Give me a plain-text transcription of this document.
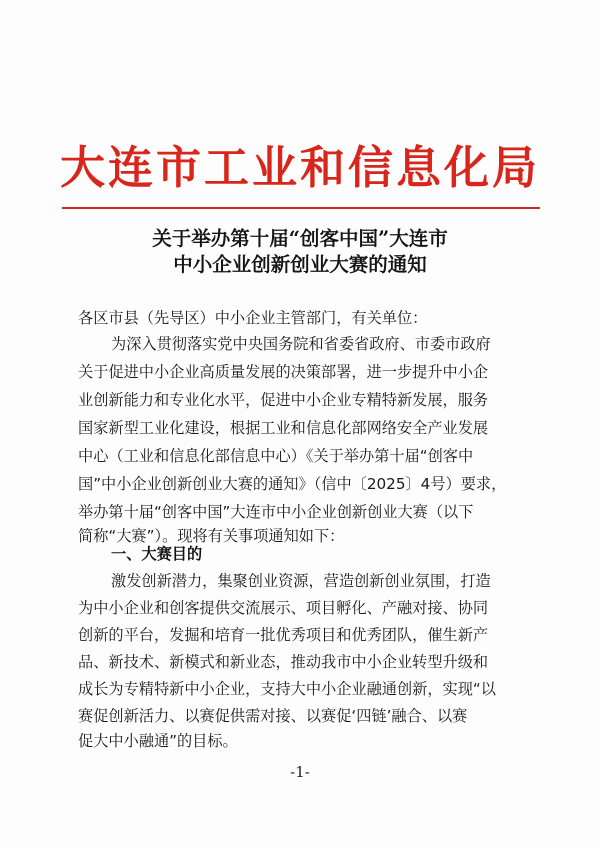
大连市工业和信息化局
关于举办第十届“创客中国”大连市
中小企业创新创业大赛的通知
各区市县（先导区）中小企业主管部门，有关单位：
为深入贯彻落实党中央国务院和省委省政府、市委市政府
关于促进中小企业高质量发展的决策部署，进一步提升中小企
业创新能力和专业化水平，促进中小企业专精特新发展，服务
国家新型工业化建设，根据工业和信息化部网络安全产业发展
中心（工业和信息化部信息中心）《关于举办第十届“创客中
国”中小企业创新创业大赛的通知》（信中〔2025〕4号）要求，
举办第十届“创客中国”大连市中小企业创新创业大赛（以下
简称“大赛”）。现将有关事项通知如下：
一、大赛目的
激发创新潜力，集聚创业资源，营造创新创业氛围，打造
为中小企业和创客提供交流展示、项目孵化、产融对接、协同
创新的平台，发掘和培育一批优秀项目和优秀团队，催生新产
品、新技术、新模式和新业态，推动我市中小企业转型升级和
成长为专精特新中小企业，支持大中小企业融通创新，实现“以
赛促创新活力、以赛促供需对接、以赛促‘四链’融合、以赛
促大中小融通”的目标。
-1-
